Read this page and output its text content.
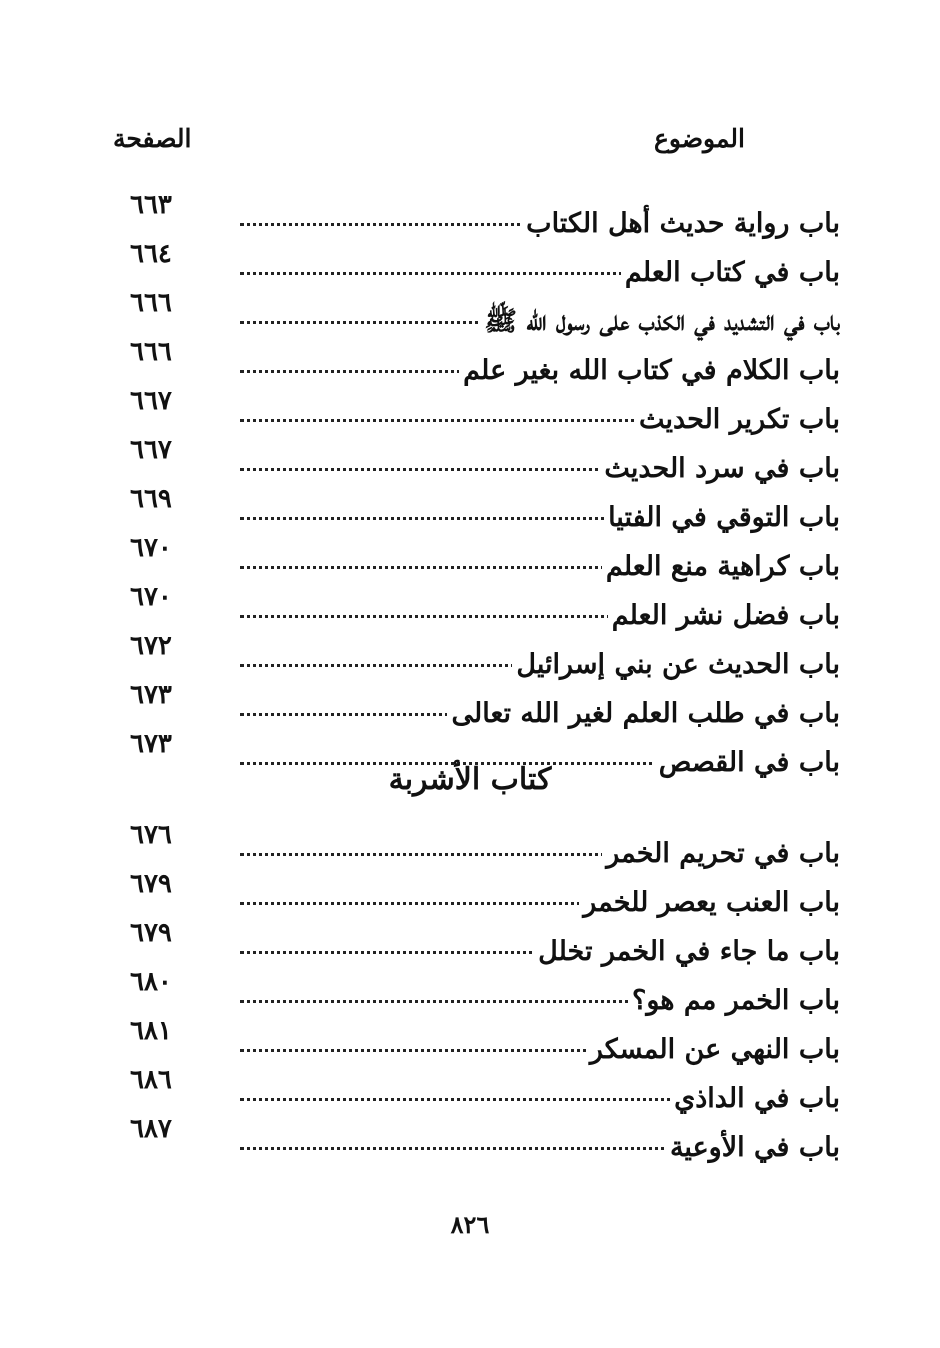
الموضوع
الصفحة
باب رواية حديث أهل الكتاب
٦٦٣
باب في كتاب العلم
٦٦٤
باب في التشديد في الكذب على رسول الله ﷺ
٦٦٦
باب الكلام في كتاب الله بغير علم
٦٦٦
باب تكرير الحديث
٦٦٧
باب في سرد الحديث
٦٦٧
باب التوقي في الفتيا
٦٦٩
باب كراهية منع العلم
٦٧٠
باب فضل نشر العلم
٦٧٠
باب الحديث عن بني إسرائيل
٦٧٢
باب في طلب العلم لغير الله تعالى
٦٧٣
باب في القصص
٦٧٣
كتاب الأشربة
باب في تحريم الخمر
٦٧٦
باب العنب يعصر للخمر
٦٧٩
باب ما جاء في الخمر تخلل
٦٧٩
باب الخمر مم هو؟
٦٨٠
باب النهي عن المسكر
٦٨١
باب في الداذي
٦٨٦
باب في الأوعية
٦٨٧
٨٢٦
